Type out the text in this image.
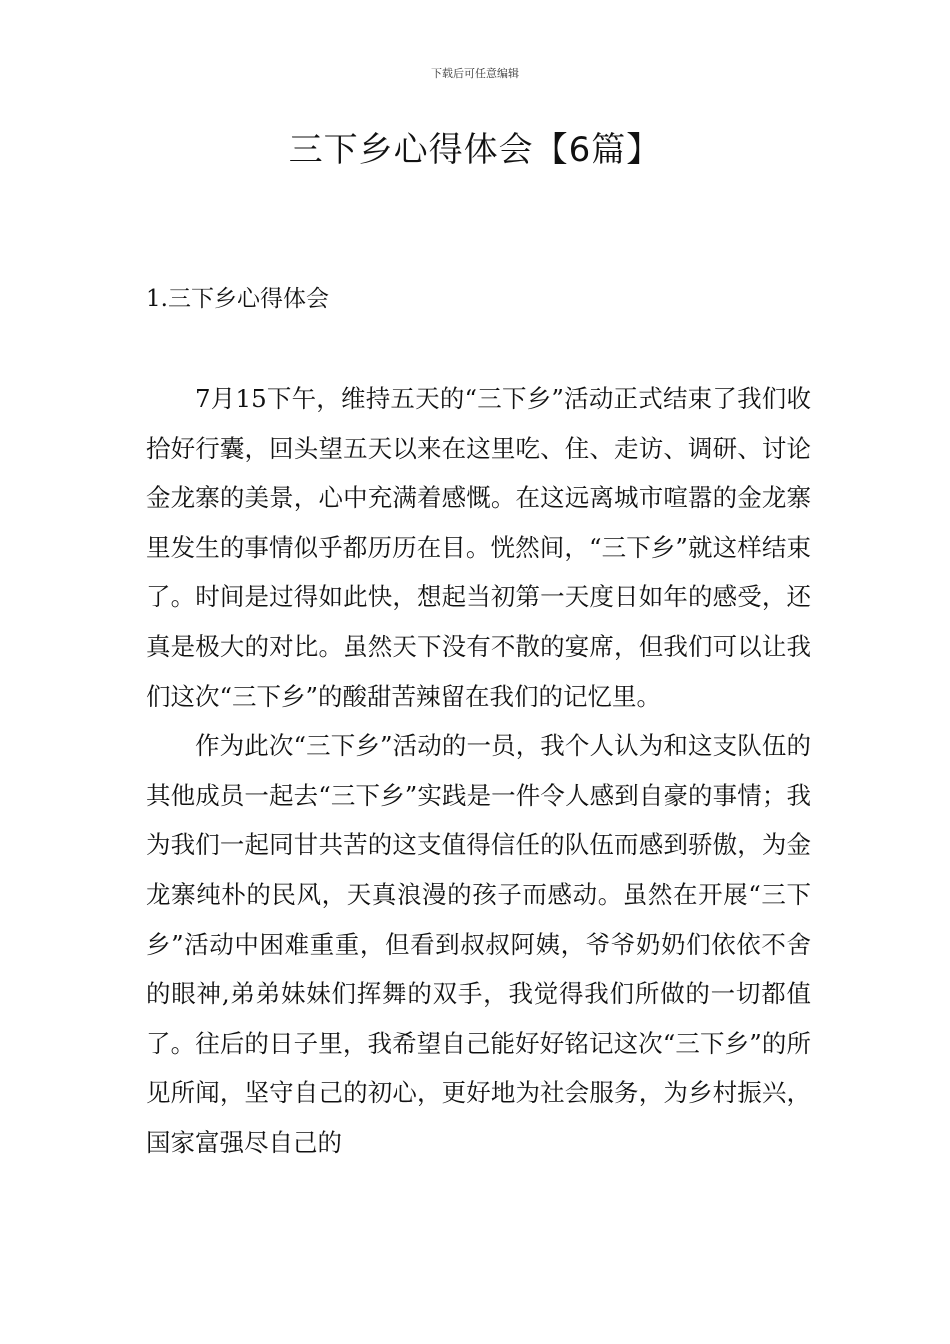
下载后可任意编辑
三下乡心得体会【6篇】
1.三下乡心得体会

7月15下午，维持五天的“三下乡”活动正式结束了我们收拾好行囊，回头望五天以来在这里吃、住、走访、调研、讨论金龙寨的美景，心中充满着感慨。在这远离城市喧嚣的金龙寨里发生的事情似乎都历历在目。恍然间，“三下乡”就这样结束了。时间是过得如此快，想起当初第一天度日如年的感受，还真是极大的对比。虽然天下没有不散的宴席，但我们可以让我们这次“三下乡”的酸甜苦辣留在我们的记忆里。

作为此次“三下乡”活动的一员，我个人认为和这支队伍的其他成员一起去“三下乡”实践是一件令人感到自豪的事情；我为我们一起同甘共苦的这支值得信任的队伍而感到骄傲，为金龙寨纯朴的民风，天真浪漫的孩子而感动。虽然在开展“三下乡”活动中困难重重，但看到叔叔阿姨，爷爷奶奶们依依不舍的眼神,弟弟妹妹们挥舞的双手，我觉得我们所做的一切都值了。往后的日子里，我希望自己能好好铭记这次“三下乡”的所见所闻，坚守自己的初心，更好地为社会服务，为乡村振兴，国家富强尽自己的
